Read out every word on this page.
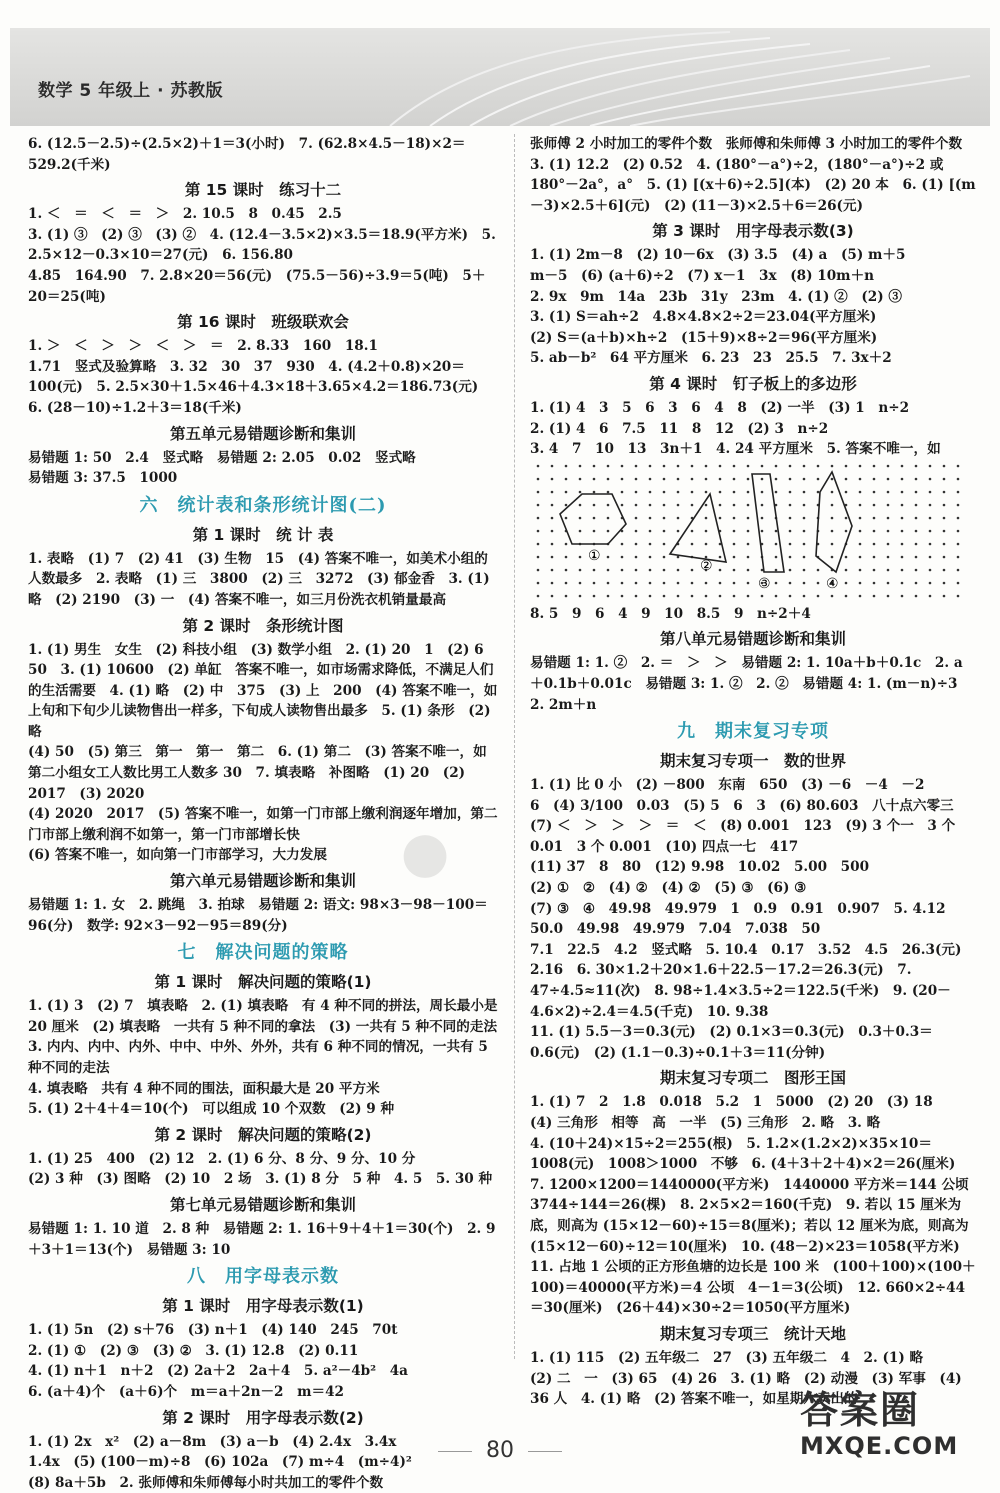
数学 5 年级上 · 苏教版

6. (12.5－2.5)÷(2.5×2)＋1＝3(小时)　7. (62.8×4.5－18)×2＝529.2(千米)

第 15 课时　练习十二

1. ＜　＝　＜　＝　＞　2. 10.5　8　0.45　2.5
3. (1) ③　(2) ③　(3) ②　4. (12.4－3.5×2)×3.5＝18.9(平方米)　5. 2.5×12－0.3×10＝27(元)　6. 156.80
4.85　164.90　7. 2.8×20＝56(元)　(75.5－56)÷3.9＝5(吨)　5＋20＝25(吨)

第 16 课时　班级联欢会

1. ＞　＜　＞　＞　＜　＞　＝　2. 8.33　160　18.1
1.71　竖式及验算略　3. 32　30　37　930　4. (4.2＋0.8)×20＝100(元)　5. 2.5×30＋1.5×46＋4.3×18＋3.65×4.2＝186.73(元)　6. (28－10)÷1.2＋3＝18(千米)

第五单元易错题诊断和集训

易错题 1: 50　2.4　竖式略　易错题 2: 2.05　0.02　竖式略
易错题 3: 37.5　1000

六　统计表和条形统计图(二)
第 1 课时　统 计 表

1. 表略　(1) 7　(2) 41　(3) 生物　15　(4) 答案不唯一，如美术小组的人数最多　2. 表略　(1) 三　3800　(2) 三　3272　(3) 郁金香　3. (1) 略　(2) 2190　(3) 一　(4) 答案不唯一，如三月份洗衣机销量最高

第 2 课时　条形统计图

1. (1) 男生　女生　(2) 科技小组　(3) 数学小组　2. (1) 20　1　(2) 6　50　3. (1) 10600　(2) 单缸　答案不唯一，如市场需求降低，不满足人们的生活需要　4. (1) 略　(2) 中　375　(3) 上　200　(4) 答案不唯一，如上旬和下旬少儿读物售出一样多，下旬成人读物售出最多　5. (1) 条形　(2) 略
(4) 50　(5) 第三　第一　第一　第二　6. (1) 第二　(3) 答案不唯一，如第二小组女工人数比男工人数多 30　7. 填表略　补图略　(1) 20　(2) 2017　(3) 2020
(4) 2020　2017　(5) 答案不唯一，如第一门市部上缴利润逐年增加，第二门市部上缴利润不如第一，第一门市部增长快
(6) 答案不唯一，如向第一门市部学习，大力发展

第六单元易错题诊断和集训

易错题 1: 1. 女　2. 跳绳　3. 拍球　易错题 2: 语文: 98×3－98－100＝96(分)　数学: 92×3－92－95＝89(分)

七　解决问题的策略
第 1 课时　解决问题的策略(1)

1. (1) 3　(2) 7　填表略　2. (1) 填表略　有 4 种不同的拼法，周长最小是 20 厘米　(2) 填表略　一共有 5 种不同的拿法　(3) 一共有 5 种不同的走法　3. 内内、内中、内外、中中、中外、外外，共有 6 种不同的情况，一共有 5 种不同的走法
4. 填表略　共有 4 种不同的围法，面积最大是 20 平方米
5. (1) 2＋4＋4＝10(个)　可以组成 10 个双数　(2) 9 种

第 2 课时　解决问题的策略(2)

1. (1) 25　400　(2) 12　2. (1) 6 分、8 分、9 分、10 分
(2) 3 种　(3) 图略　(2) 10　2 场　3. (1) 8 分　5 种　4. 5　5. 30 种

第七单元易错题诊断和集训

易错题 1: 1. 10 道　2. 8 种　易错题 2: 1. 16＋9＋4＋1＝30(个)　2. 9＋3＋1＝13(个)　易错题 3: 10

八　用字母表示数
第 1 课时　用字母表示数(1)

1. (1) 5n　(2) s＋76　(3) n＋1　(4) 140　245　70t
2. (1) ①　(2) ③　(3) ②　3. (1) 12.8　(2) 0.11
4. (1) n＋1　n＋2　(2) 2a＋2　2a＋4　5. a²－4b²　4a
6. (a＋4)个　(a＋6)个　m＝a＋2n－2　m＝42

第 2 课时　用字母表示数(2)

1. (1) 2x　x²　(2) a－8m　(3) a－b　(4) 2.4x　3.4x
1.4x　(5) (100－m)÷8　(6) 102a　(7) m÷4　(m÷4)²
(8) 8a＋5b　2. 张师傅和朱师傅每小时共加工的零件个数

张师傅 2 小时加工的零件个数　张师傅和朱师傅 3 小时加工的零件个数　3. (1) 12.2　(2) 0.52　4. (180°－a°)÷2，(180°－a°)÷2 或 180°－2a°，a°　5. (1) [(x＋6)÷2.5](本)　(2) 20 本　6. (1) [(m－3)×2.5＋6](元)　(2) (11－3)×2.5＋6＝26(元)

第 3 课时　用字母表示数(3)

1. (1) 2m－8　(2) 10－6x　(3) 3.5　(4) a　(5) m＋5
m－5　(6) (a＋6)÷2　(7) x－1　3x　(8) 10m＋n
2. 9x　9m　14a　23b　31y　23m　4. (1) ②　(2) ③
3. (1) S＝ah÷2　4.8×4.8×2÷2＝23.04(平方厘米)
(2) S＝(a＋b)×h÷2　(15＋9)×8÷2＝96(平方厘米)
5. ab－b²　64 平方厘米　6. 23　23　25.5　7. 3x＋2

第 4 课时　钉子板上的多边形

1. (1) 4　3　5　6　3　6　4　8　(2) 一半　(3) 1　n÷2
2. (1) 4　6　7.5　11　8　12　(2) 3　n÷2
3. 4　7　10　13　3n＋1　4. 24 平方厘米　5. 答案不唯一，如

①
②
③	④

8. 5　9　6　4　9　10　8.5　9　n÷2＋4

第八单元易错题诊断和集训

易错题 1: 1. ②　2. ＝　＞　＞　易错题 2: 1. 10a＋b＋0.1c　2. a＋0.1b＋0.01c　易错题 3: 1. ②　2. ②　易错题 4: 1. (m－n)÷3　2. 2m＋n

九　期末复习专项
期末复习专项一　数的世界

1. (1) 比 0 小　(2) －800　东南　650　(3) －6　－4　－2
6　(4) 3/100　0.03　(5) 5　6　3　(6) 80.603　八十点六零三　(7) ＜　＞　＞　＞　＝　＜　(8) 0.001　123　(9) 3 个一　3 个 0.01　3 个 0.001　(10) 四点一七　417
(11) 37　8　80　(12) 9.98　10.02　5.00　500
(2) ①　②　(4) ②　(4) ②　(5) ③　(6) ③
(7) ③　④　49.98　49.979　1　0.9　0.91　0.907　5. 4.12
50.0　49.98　49.979　7.04　7.038　50
7.1　22.5　4.2　竖式略　5. 10.4　0.17　3.52　4.5　26.3(元)　2.16　6. 30×1.2＋20×1.6＋22.5－17.2＝26.3(元)　7. 47÷4.5≈11(次)　8. 98÷1.4×3.5÷2＝122.5(千米)　9. (20－4.6×2)÷2.4＝4.5(千克)　10. 9.38
11. (1) 5.5－3＝0.3(元)　(2) 0.1×3＝0.3(元)　0.3＋0.3＝0.6(元)　(2) (1.1－0.3)÷0.1＋3＝11(分钟)

期末复习专项二　图形王国

1. (1) 7　2　1.8　0.018　5.2　1　5000　(2) 20　(3) 18
(4) 三角形　相等　高　一半　(5) 三角形　2. 略　3. 略
4. (10＋24)×15÷2＝255(根)　5. 1.2×(1.2×2)×35×10＝1008(元)　1008＞1000　不够　6. (4＋3＋2＋4)×2＝26(厘米)　7. 1200×1200＝1440000(平方米)　1440000 平方米＝144 公顷　3744÷144＝26(棵)　8. 2×5×2＝160(千克)　9. 若以 15 厘米为底，则高为 (15×12－60)÷15＝8(厘米)；若以 12 厘米为底，则高为 (15×12－60)÷12＝10(厘米)　10. (48－2)×23＝1058(平方米)　11. 占地 1 公顷的正方形鱼塘的边长是 100 米　(100＋100)×(100＋100)＝40000(平方米)＝4 公顷　4－1＝3(公顷)　12. 660×2÷44＝30(厘米)　(26＋44)×30÷2＝1050(平方厘米)

期末复习专项三　统计天地

1. (1) 115　(2) 五年级二　27　(3) 五年级二　4　2. (1) 略
(2) 二　一　(3) 65　(4) 26　3. (1) 略　(2) 动漫　(3) 军事　(4) 36 人　4. (1) 略　(2) 答案不唯一，如星期六卖出的

●
80
答案圈
MXQE.COM
